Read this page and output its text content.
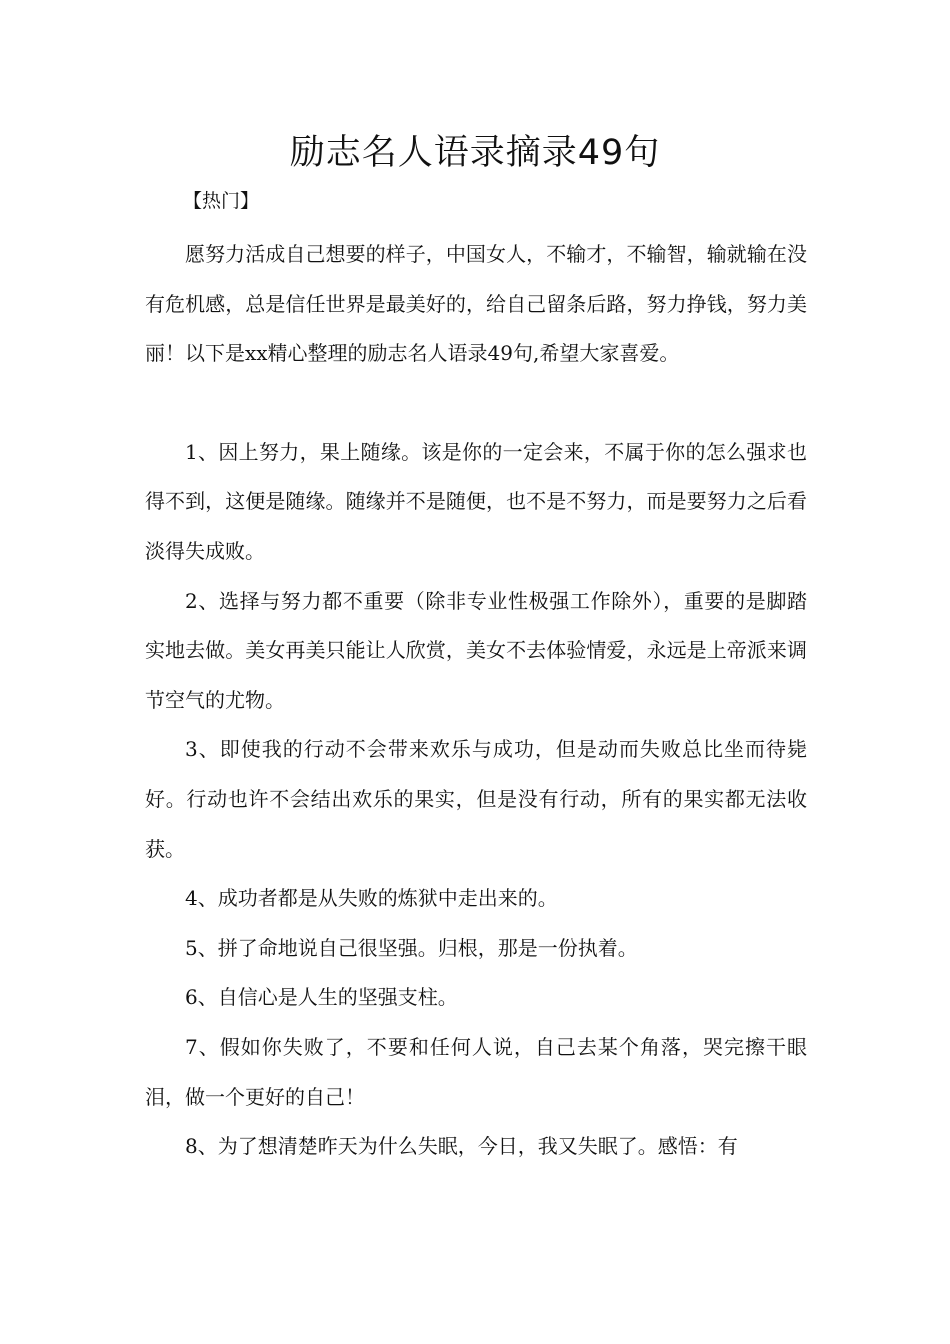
励志名人语录摘录49句

【热门】

愿努力活成自己想要的样子，中国女人，不输才，不输智，输就输在没有危机感，总是信任世界是最美好的，给自己留条后路，努力挣钱，努力美丽！以下是xx精心整理的励志名人语录49句,希望大家喜爱。

1、因上努力，果上随缘。该是你的一定会来，不属于你的怎么强求也得不到，这便是随缘。随缘并不是随便，也不是不努力，而是要努力之后看淡得失成败。

2、选择与努力都不重要（除非专业性极强工作除外），重要的是脚踏实地去做。美女再美只能让人欣赏，美女不去体验情爱，永远是上帝派来调节空气的尤物。

3、即使我的行动不会带来欢乐与成功，但是动而失败总比坐而待毙好。行动也许不会结出欢乐的果实，但是没有行动，所有的果实都无法收获。

4、成功者都是从失败的炼狱中走出来的。

5、拼了命地说自己很坚强。归根，那是一份执着。

6、自信心是人生的坚强支柱。

7、假如你失败了，不要和任何人说，自己去某个角落，哭完擦干眼泪，做一个更好的自己！

8、为了想清楚昨天为什么失眠，今日，我又失眠了。感悟：有
